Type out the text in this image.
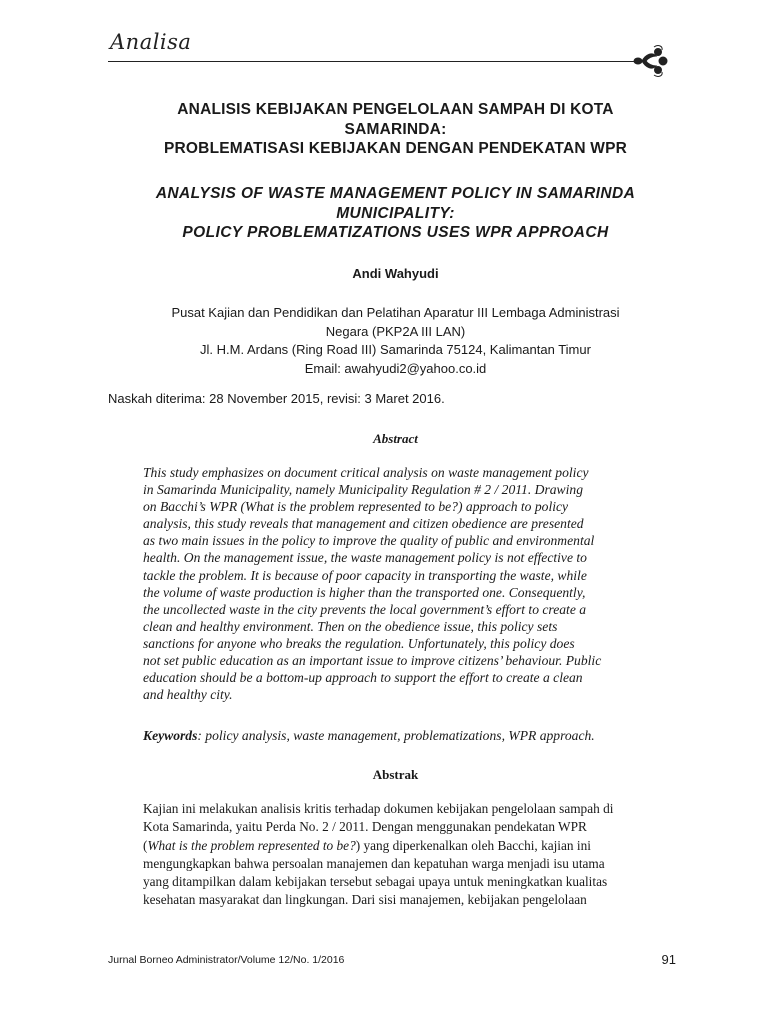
Analisa
ANALISIS KEBIJAKAN PENGELOLAAN SAMPAH DI KOTA
SAMARINDA:
PROBLEMATISASI KEBIJAKAN DENGAN PENDEKATAN WPR
ANALYSIS OF WASTE MANAGEMENT POLICY IN SAMARINDA
MUNICIPALITY:
POLICY PROBLEMATIZATIONS USES WPR APPROACH
Andi Wahyudi
Pusat Kajian dan Pendidikan dan Pelatihan Aparatur III Lembaga Administrasi
Negara (PKP2A III LAN)
Jl. H.M. Ardans (Ring Road III) Samarinda 75124, Kalimantan Timur
Email: awahyudi2@yahoo.co.id
Naskah diterima: 28 November 2015, revisi: 3 Maret 2016.
Abstract
This study emphasizes on document critical analysis on waste management policy
in Samarinda Municipality, namely Municipality Regulation # 2 / 2011. Drawing
on Bacchi’s WPR (What is the problem represented to be?) approach to policy
analysis, this study reveals that management and citizen obedience are presented
as two main issues in the policy to improve the quality of public and environmental
health. On the management issue, the waste management policy is not effective to
tackle the problem. It is because of poor capacity in transporting the waste, while
the volume of waste production is higher than the transported one. Consequently,
the uncollected waste in the city prevents the local government’s effort to create a
clean and healthy environment. Then on the obedience issue, this policy sets
sanctions for anyone who breaks the regulation. Unfortunately, this policy does
not set public education as an important issue to improve citizens’ behaviour. Public
education should be a bottom-up approach to support the effort to create a clean
and healthy city.
Keywords: policy analysis, waste management, problematizations, WPR approach.
Abstrak
Kajian ini melakukan analisis kritis terhadap dokumen kebijakan pengelolaan sampah di
Kota Samarinda, yaitu Perda No. 2 / 2011. Dengan menggunakan pendekatan WPR
(What is the problem represented to be?) yang diperkenalkan oleh Bacchi, kajian ini
mengungkapkan bahwa persoalan manajemen dan kepatuhan warga menjadi isu utama
yang ditampilkan dalam kebijakan tersebut sebagai upaya untuk meningkatkan kualitas
kesehatan masyarakat dan lingkungan. Dari sisi manajemen, kebijakan pengelolaan
Jurnal Borneo Administrator/Volume 12/No. 1/2016	91
